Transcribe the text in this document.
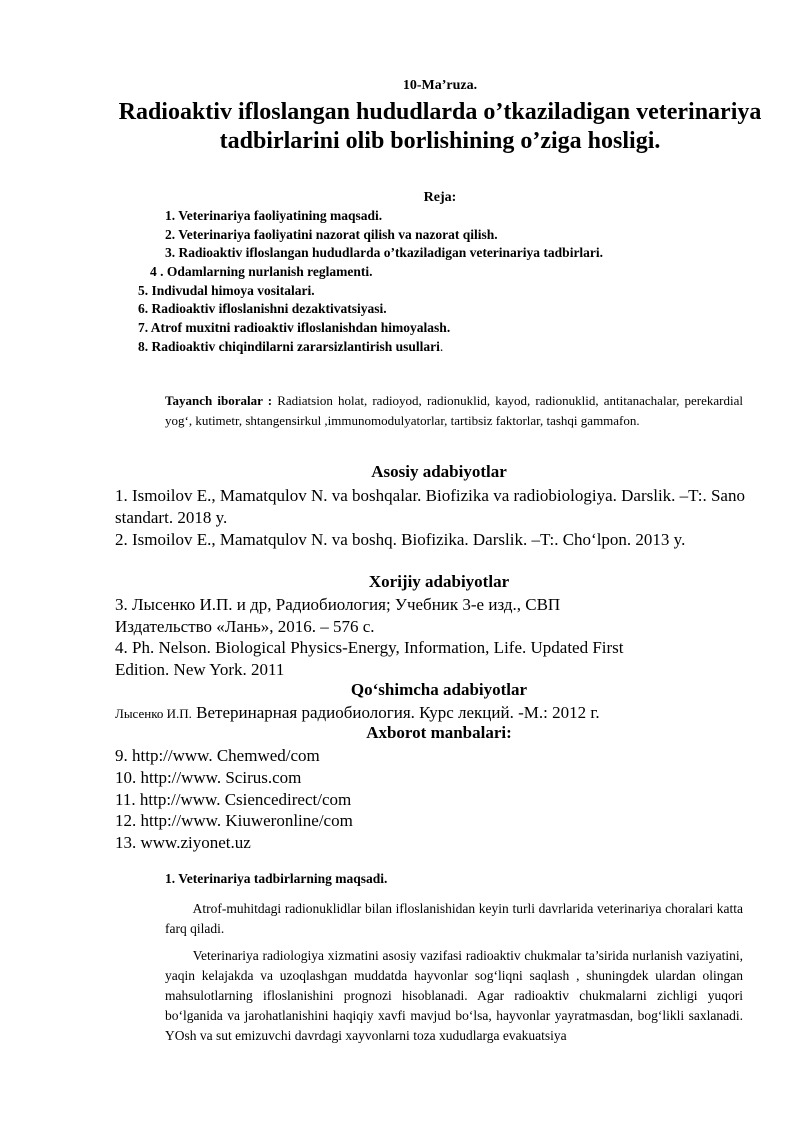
10-Ma’ruza.
Radioaktiv ifloslangan hududlarda o’tkaziladigan veterinariya tadbirlarini olib borlishining o’ziga hosligi.
Reja:
1. Veterinariya faoliyatining maqsadi.
2. Veterinariya faoliyatini nazorat qilish va nazorat qilish.
3. Radioaktiv ifloslangan hududlarda o’tkaziladigan veterinariya tadbirlari.
4 . Odamlarning nurlanish reglamenti.
5. Indivudal himoya vositalari.
6. Radioaktiv ifloslanishni dezaktivatsiyasi.
7. Atrof muxitni radioaktiv ifloslanishdan himoyalash.
8. Radioaktiv chiqindilarni zararsizlantirish usullari.
Tayanch iboralar : Radiatsion holat, radioyod, radionuklid, kayod, radionuklid, antitanachalar, perekardial yog‘, kutimetr, shtangensirkul ,immunomodulyatorlar, tartibsiz faktorlar, tashqi gammafon.
Asosiy adabiyotlar
1. Ismoilov E., Mamatqulov N. va boshqalar. Biofizika va radiobiologiya. Darslik. –T:. Sano standart. 2018 y.
2. Ismoilov E., Mamatqulov N. va boshq. Biofizika. Darslik. –T:. Cho‘lpon. 2013 y.
Xorijiy adabiyotlar
3. Лысенко И.П. и др, Радиобиология; Учебник 3-е изд., СВП Издательство «Лань», 2016. – 576 с.
4. Ph. Nelson. Biological Physics-Energy, Information, Life. Updated First Edition. New York. 2011
Qo‘shimcha adabiyotlar
Лысенко И.П. Ветеринарная радиобиология. Курс лекций. -М.: 2012 г.
Axborot manbalari:
9. http://www. Chemwed/com
10. http://www. Scirus.com
11. http://www. Csiencedirect/com
12. http://www. Kiuweronline/com
13. www.ziyonet.uz
1. Veterinariya tadbirlarning maqsadi.
Atrof-muhitdagi radionuklidlar bilan ifloslanishidan keyin turli davrlarida veterinariya choralari katta farq qiladi.
Veterinariya radiologiya xizmatini asosiy vazifasi radioaktiv chukmalar ta’sirida nurlanish vaziyatini, yaqin kelajakda va uzoqlashgan muddatda hayvonlar sog‘liqni saqlash , shuningdek ulardan olingan mahsulotlarning ifloslanishini prognozi hisoblanadi. Agar radioaktiv chukmalarni zichligi yuqori bo‘lganida va jarohatlanishini haqiqiy xavfi mavjud bo‘lsa, hayvonlar yayratmasdan, bog‘likli saxlanadi. YOsh va sut emizuvchi davrdagi xayvonlarni toza xududlarga evakuatsiya
